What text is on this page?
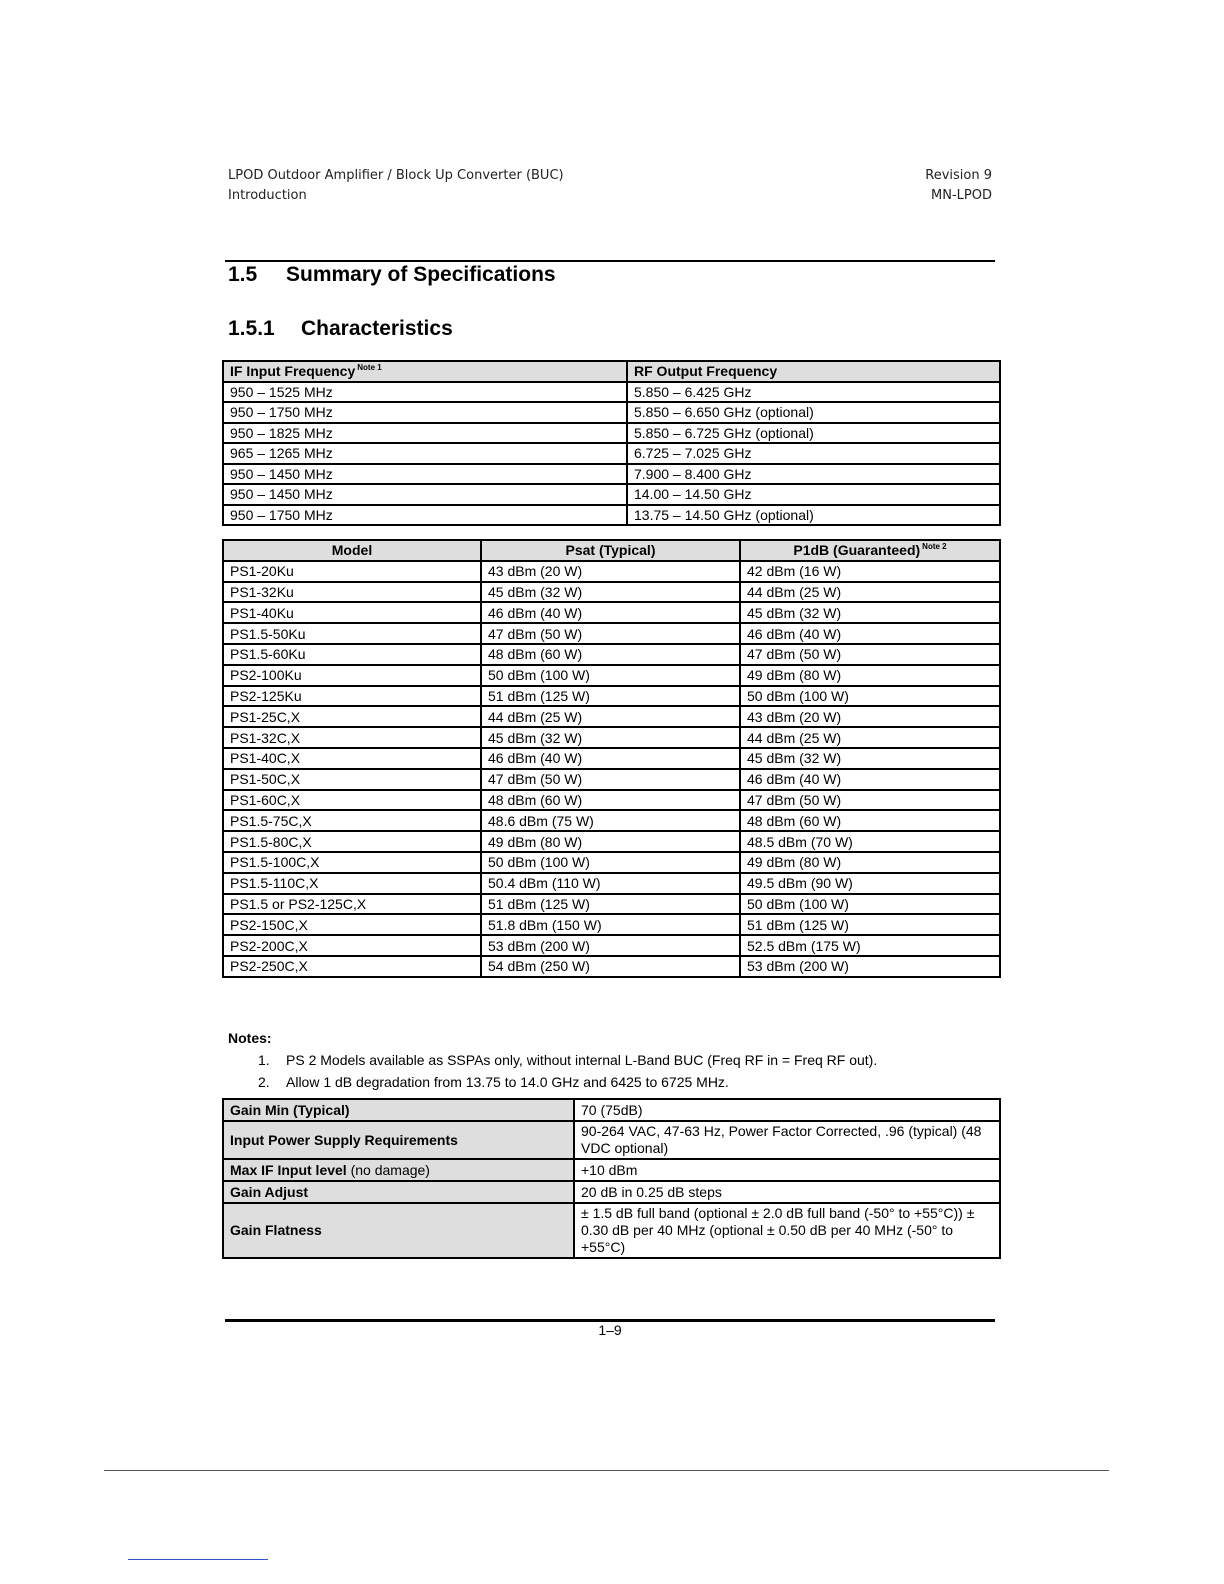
LPOD Outdoor Amplifier / Block Up Converter (BUC)
Introduction
Revision 9
MN-LPOD
1.5 Summary of Specifications
1.5.1 Characteristics
IF Input Frequency $^{Note 1}$	RF Output Frequency
950 – 1525 MHz	5.850 – 6.425 GHz
950 – 1750 MHz	5.850 – 6.650 GHz (optional)
950 – 1825 MHz	5.850 – 6.725 GHz (optional)
965 – 1265 MHz	6.725 – 7.025 GHz
950 – 1450 MHz	7.900 – 8.400 GHz
950 – 1450 MHz	14.00 – 14.50 GHz
950 – 1750 MHz	13.75 – 14.50 GHz (optional)
Model	Psat (Typical)	P1dB (Guaranteed) $^{Note 2}$
PS1-20Ku	43 dBm (20 W)	42 dBm (16 W)
PS1-32Ku	45 dBm (32 W)	44 dBm (25 W)
PS1-40Ku	46 dBm (40 W)	45 dBm (32 W)
PS1.5-50Ku	47 dBm (50 W)	46 dBm (40 W)
PS1.5-60Ku	48 dBm (60 W)	47 dBm (50 W)
PS2-100Ku	50 dBm (100 W)	49 dBm (80 W)
PS2-125Ku	51 dBm (125 W)	50 dBm (100 W)
PS1-25C,X	44 dBm (25 W)	43 dBm (20 W)
PS1-32C,X	45 dBm (32 W)	44 dBm (25 W)
PS1-40C,X	46 dBm (40 W)	45 dBm (32 W)
PS1-50C,X	47 dBm (50 W)	46 dBm (40 W)
PS1-60C,X	48 dBm (60 W)	47 dBm (50 W)
PS1.5-75C,X	48.6 dBm (75 W)	48 dBm (60 W)
PS1.5-80C,X	49 dBm (80 W)	48.5 dBm (70 W)
PS1.5-100C,X	50 dBm (100 W)	49 dBm (80 W)
PS1.5-110C,X	50.4 dBm (110 W)	49.5 dBm (90 W)
PS1.5 or PS2-125C,X	51 dBm (125 W)	50 dBm (100 W)
PS2-150C,X	51.8 dBm (150 W)	51 dBm (125 W)
PS2-200C,X	53 dBm (200 W)	52.5 dBm (175 W)
PS2-250C,X	54 dBm (250 W)	53 dBm (200 W)
Notes:
1. PS 2 Models available as SSPAs only, without internal L-Band BUC (Freq RF in = Freq RF out).
2. Allow 1 dB degradation from 13.75 to 14.0 GHz and 6425 to 6725 MHz.
Gain Min (Typical)	70 (75dB)
Input Power Supply Requirements	90-264 VAC, 47-63 Hz, Power Factor Corrected, .96 (typical) (48 VDC optional)
Max IF Input level (no damage)	+10 dBm
Gain Adjust	20 dB in 0.25 dB steps
Gain Flatness	± 1.5 dB full band (optional ± 2.0 dB full band (-50° to +55°C)) ± 0.30 dB per 40 MHz (optional ± 0.50 dB per 40 MHz (-50° to +55°C)
1–9
